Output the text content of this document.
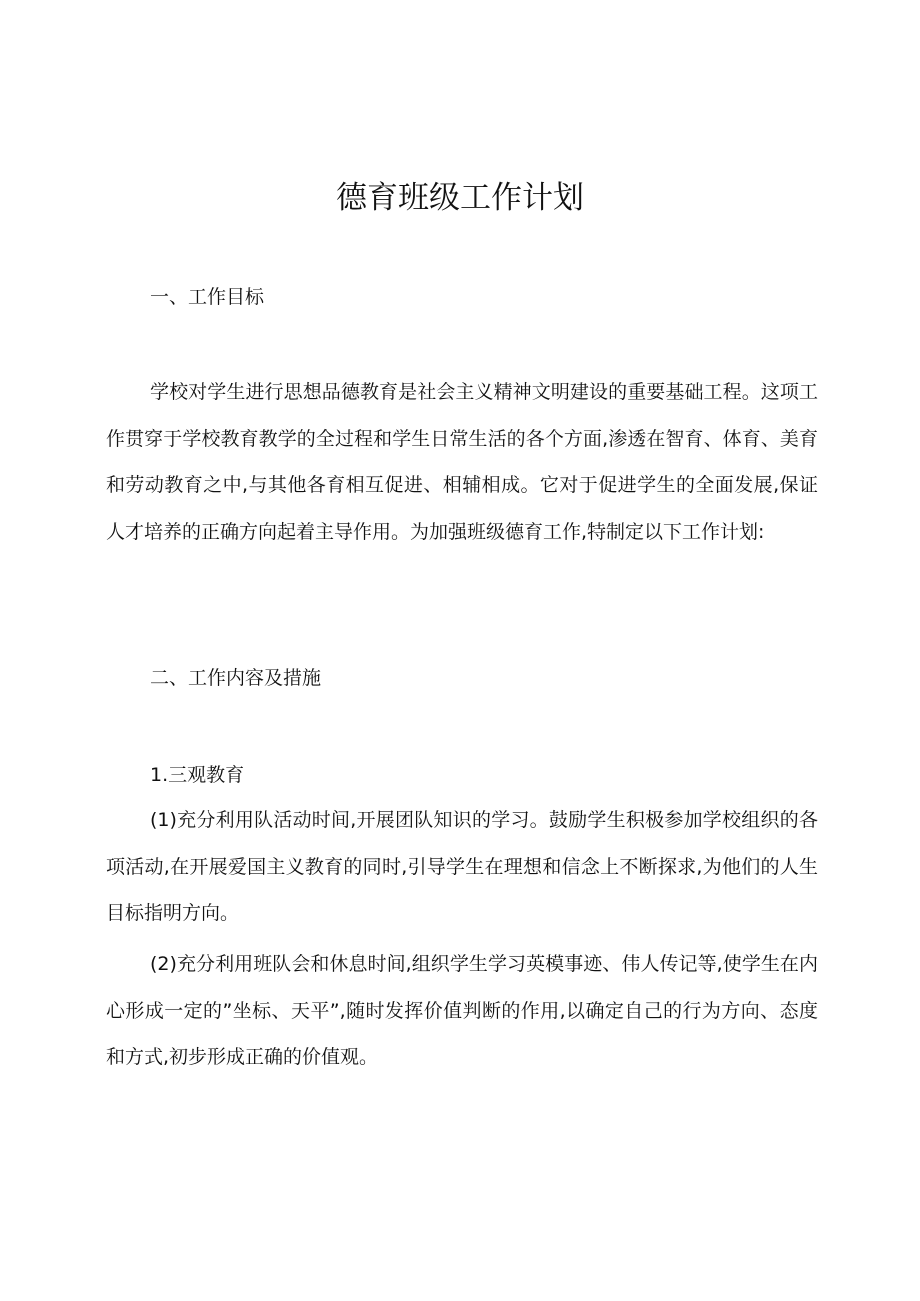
德育班级工作计划
一、工作目标

学校对学生进行思想品德教育是社会主义精神文明建设的重要基础工程。这项工作贯穿于学校教育教学的全过程和学生日常生活的各个方面,渗透在智育、体育、美育和劳动教育之中,与其他各育相互促进、相辅相成。它对于促进学生的全面发展,保证人才培养的正确方向起着主导作用。为加强班级德育工作,特制定以下工作计划:

二、工作内容及措施
1.三观教育

(1)充分利用队活动时间,开展团队知识的学习。鼓励学生积极参加学校组织的各项活动,在开展爱国主义教育的同时,引导学生在理想和信念上不断探求,为他们的人生目标指明方向。

(2)充分利用班队会和休息时间,组织学生学习英模事迹、伟人传记等,使学生在内心形成一定的”坐标、天平”,随时发挥价值判断的作用,以确定自己的行为方向、态度和方式,初步形成正确的价值观。
